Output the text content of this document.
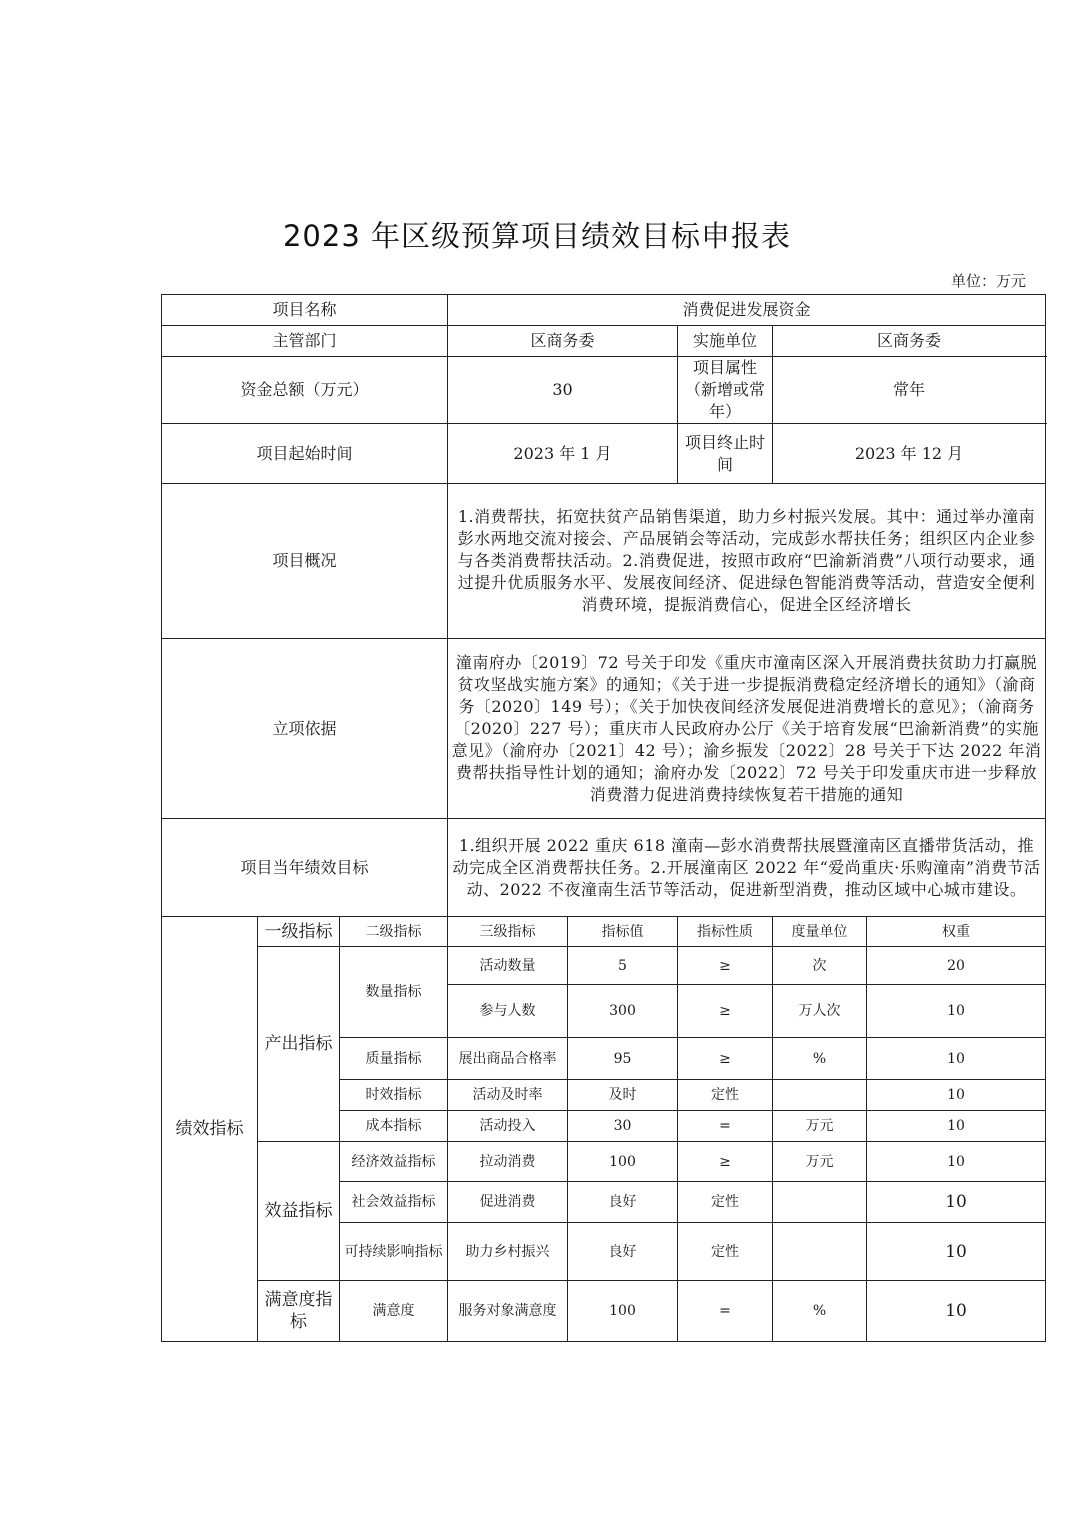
2023 年区级预算项目绩效目标申报表
单位：万元
项目名称			消费促进发展资金				
主管部门			区商务委		实施单位	区商务委	
资金总额（万元）			30		项目属性（新增或常年）	常年	
项目起始时间			2023 年 1 月		项目终止时间	2023 年 12 月	
项目概况			1.消费帮扶，拓宽扶贫产品销售渠道，助力乡村振兴发展。其中：通过举办潼南彭水两地交流对接会、产品展销会等活动，完成彭水帮扶任务；组织区内企业参与各类消费帮扶活动。2.消费促进，按照市政府“巴渝新消费”八项行动要求，通过提升优质服务水平、发展夜间经济、促进绿色智能消费等活动，营造安全便利消费环境，提振消费信心，促进全区经济增长				
立项依据			潼南府办〔2019〕72 号关于印发《重庆市潼南区深入开展消费扶贫助力打赢脱贫攻坚战实施方案》的通知；《关于进一步提振消费稳定经济增长的通知》（渝商务〔2020〕149 号）；《关于加快夜间经济发展促进消费增长的意见》；（渝商务〔2020〕227 号）；重庆市人民政府办公厅《关于培育发展“巴渝新消费”的实施意见》（渝府办〔2021〕42 号）；渝乡振发〔2022〕28 号关于下达 2022 年消费帮扶指导性计划的通知；渝府办发〔2022〕72 号关于印发重庆市进一步释放消费潜力促进消费持续恢复若干措施的通知				
项目当年绩效目标			1.组织开展 2022 重庆 618 潼南—彭水消费帮扶展暨潼南区直播带货活动，推动完成全区消费帮扶任务。2.开展潼南区 2022 年“爱尚重庆·乐购潼南”消费节活动、2022 不夜潼南生活节等活动，促进新型消费，推动区域中心城市建设。				
绩效指标	一级指标	二级指标	三级指标	指标值	指标性质	度量单位	权重
	产出指标	数量指标	活动数量	5	≥	次	20
			参与人数	300	≥	万人次	10
		质量指标	展出商品合格率	95	≥	%	10
		时效指标	活动及时率	及时	定性		10
		成本指标	活动投入	30	=	万元	10
	效益指标	经济效益指标	拉动消费	100	≥	万元	10
		社会效益指标	促进消费	良好	定性		10
		可持续影响指标	助力乡村振兴	良好	定性		10
	满意度指标	满意度	服务对象满意度	100	=	%	10
